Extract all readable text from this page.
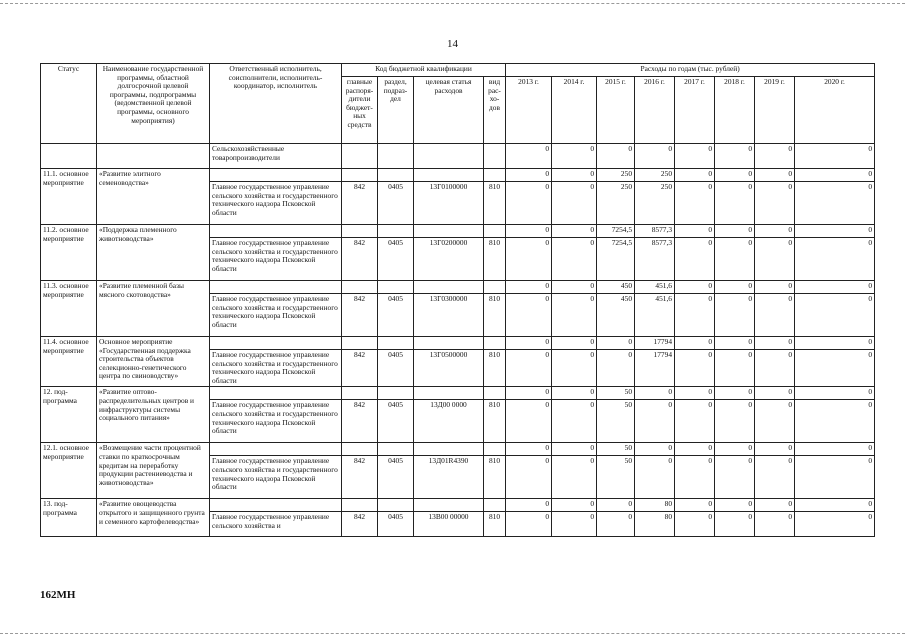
14
Статус	Наименование государственной программы, областной долгосрочной целевой программы, подпрограммы (ведомственной целевой программы, основного мероприятия)	Ответственный исполнитель, соисполнители, исполнитель-координатор, исполнитель	Код бюджетной квалификации				Расходы по годам (тыс. рублей)							
			главные распоря-дители бюджет-ных средств	раздел, подраз-дел	целевая статья расходов	вид рас-хо-дов	2013 г.	2014 г.	2015 г.	2016 г.	2017 г.	2018 г.	2019 г.	2020 г.
		Сельскохозяйственные товаропроизводители					0	0	0	0	0	0	0	0
11.1. основное мероприятие	«Развитие элитного семеноводства»						0	0	250	250	0	0	0	0
		Главное государственное управление сельского хозяйства и государственного технического надзора Псковской области	842	0405	13Г0100000	810	0	0	250	250	0	0	0	0
11.2. основное мероприятие	«Поддержка племенного животноводства»						0	0	7254,5	8577,3	0	0	0	0
		Главное государственное управление сельского хозяйства и государственного технического надзора Псковской области	842	0405	13Г0200000	810	0	0	7254,5	8577,3	0	0	0	0
11.3. основное мероприятие	«Развитие племенной базы мясного скотоводства»						0	0	450	451,6	0	0	0	0
		Главное государственное управление сельского хозяйства и государственного технического надзора Псковской области	842	0405	13Г0300000	810	0	0	450	451,6	0	0	0	0
11.4. основное мероприятие	Основное мероприятие «Государственная поддержка строительства объектов селекционно-генетического центра по свиноводству»						0	0	0	17794	0	0	0	0
		Главное государственное управление сельского хозяйства и государственного технического надзора Псковской области	842	0405	13Г0500000	810	0	0	0	17794	0	0	0	0
12. под-программа	«Развитие оптово-распределительных центров и инфраструктуры системы социального питания»						0	0	50	0	0	0	0	0
		Главное государственное управление сельского хозяйства и государственного технического надзора Псковской области	842	0405	13Д00 0000	810	0	0	50	0	0	0	0	0
12.1. основное мероприятие	«Возмещение части процентной ставки по краткосрочным кредитам на переработку продукции растениеводства и животноводства»						0	0	50	0	0	0	0	0
		Главное государственное управление сельского хозяйства и государственного технического надзора Псковской области	842	0405	13Д01R4390	810	0	0	50	0	0	0	0	0
13. под-программа	«Развитие овощеводства открытого и защищенного грунта и семенного картофелеводства»						0	0	0	80	0	0	0	0
		Главное государственное управление сельского хозяйства и	842	0405	13В00 00000	810	0	0	0	80	0	0	0	0
162МН
